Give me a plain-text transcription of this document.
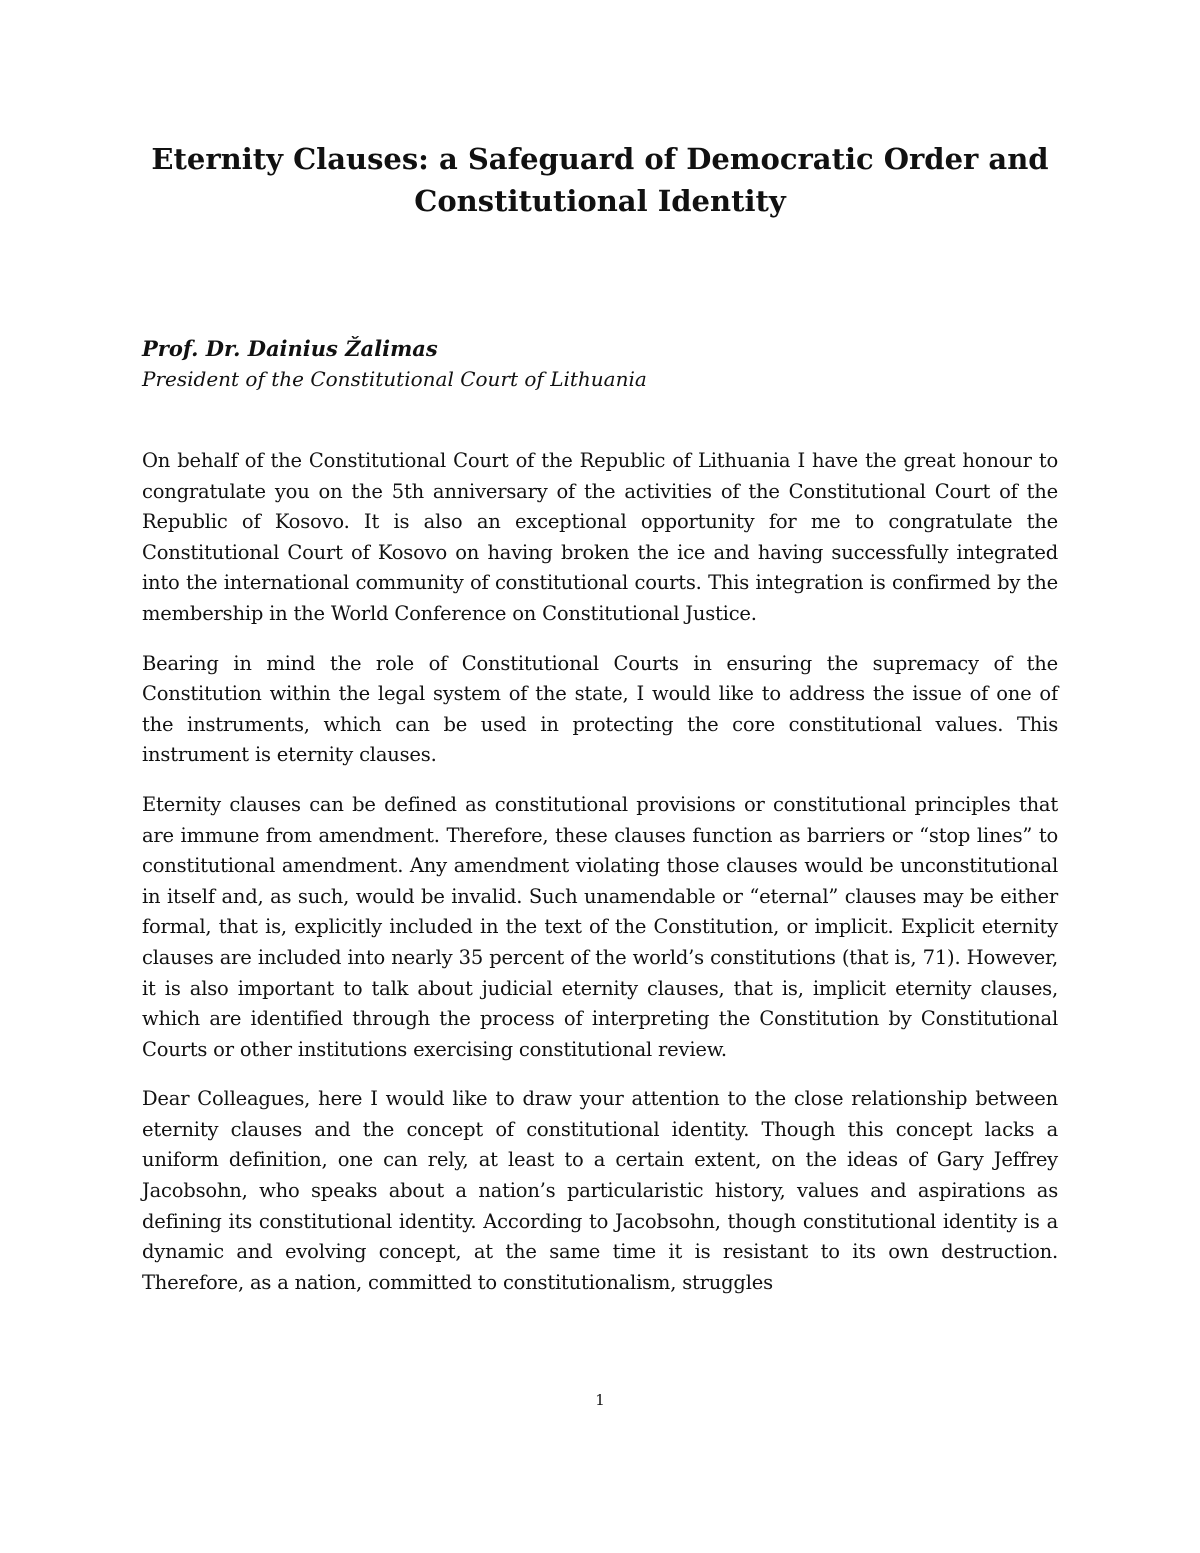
Eternity Clauses: a Safeguard of Democratic Order and Constitutional Identity

Prof. Dr. Dainius Žalimas

President of the Constitutional Court of Lithuania

On behalf of the Constitutional Court of the Republic of Lithuania I have the great honour to congratulate you on the 5th anniversary of the activities of the Constitutional Court of the Republic of Kosovo. It is also an exceptional opportunity for me to congratulate the Constitutional Court of Kosovo on having broken the ice and having successfully integrated into the international community of constitutional courts. This integration is confirmed by the membership in the World Conference on Constitutional Justice.

Bearing in mind the role of Constitutional Courts in ensuring the supremacy of the Constitution within the legal system of the state, I would like to address the issue of one of the instruments, which can be used in protecting the core constitutional values. This instrument is eternity clauses.

Eternity clauses can be defined as constitutional provisions or constitutional principles that are immune from amendment. Therefore, these clauses function as barriers or “stop lines” to constitutional amendment. Any amendment violating those clauses would be unconstitutional in itself and, as such, would be invalid. Such unamendable or “eternal” clauses may be either formal, that is, explicitly included in the text of the Constitution, or implicit. Explicit eternity clauses are included into nearly 35 percent of the world’s constitutions (that is, 71). However, it is also important to talk about judicial eternity clauses, that is, implicit eternity clauses, which are identified through the process of interpreting the Constitution by Constitutional Courts or other institutions exercising constitutional review.

Dear Colleagues, here I would like to draw your attention to the close relationship between eternity clauses and the concept of constitutional identity. Though this concept lacks a uniform definition, one can rely, at least to a certain extent, on the ideas of Gary Jeffrey Jacobsohn, who speaks about a nation’s particularistic history, values and aspirations as defining its constitutional identity. According to Jacobsohn, though constitutional identity is a dynamic and evolving concept, at the same time it is resistant to its own destruction. Therefore, as a nation, committed to constitutionalism, struggles

1
